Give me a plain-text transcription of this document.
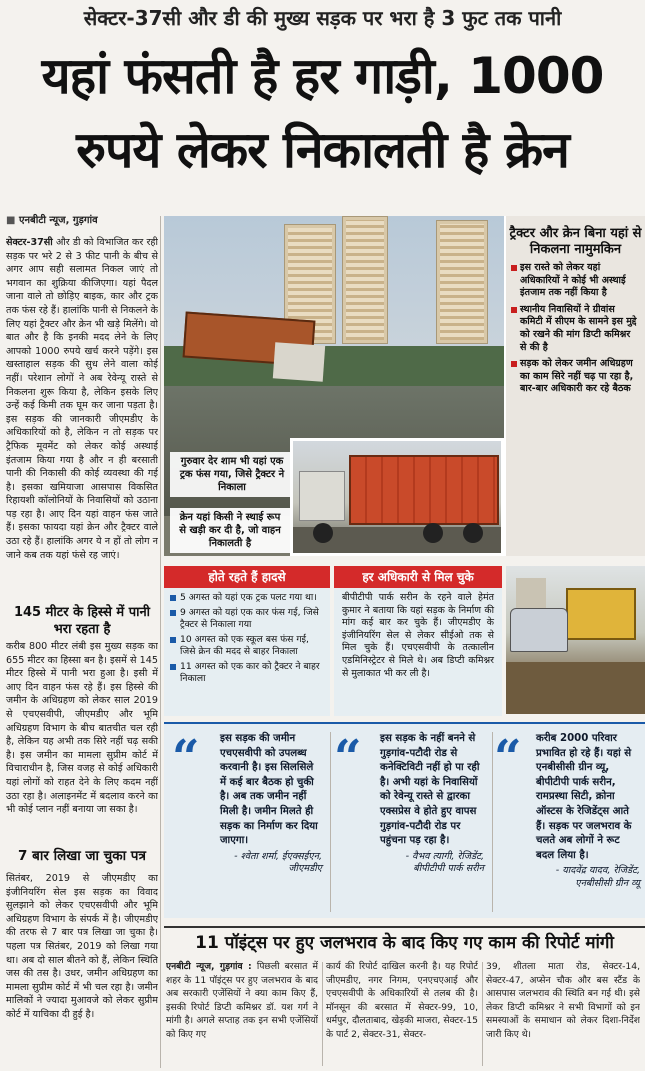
सेक्टर-37सी और डी की मुख्य सड़क पर भरा है 3 फुट तक पानी
यहां फंसती है हर गाड़ी, 1000
रुपये लेकर निकालती है क्रेन
■ एनबीटी न्यूज, गुड़गांव
सेक्टर-37सी और डी को विभाजित कर रही सड़क पर भरे 2 से 3 फीट पानी के बीच से अगर आप सही सलामत निकल जाएं तो भगवान का शुक्रिया कीजिएगा। यहां पैदल जाना वाले तो छोड़िए बाइक, कार और ट्रक तक फंस रहे हैं। हालांकि पानी से निकलने के लिए यहां ट्रैक्टर और क्रेन भी खड़े मिलेंगे। वो बात और है कि इनकी मदद लेने के लिए आपको 1000 रुपये खर्च करने पड़ेंगे। इस खस्ताहाल सड़क की सुध लेने वाला कोई नहीं। परेशान लोगों ने अब रेवेन्यू रास्ते से निकलना शुरू किया है, लेकिन इसके लिए उन्हें कई किमी तक घूम कर जाना पड़ता है। इस सड़क की जानकारी जीएमडीए के अधिकारियों को है, लेकिन न तो सड़क पर ट्रैफिक मूवमेंट को लेकर कोई अस्थाई इंतजाम किया गया है और न ही बरसाती पानी की निकासी की कोई व्यवस्था की गई है। इसका खमियाजा आसपास विकसित रिहायशी कॉलोनियों के निवासियों को उठाना पड़ रहा है। आए दिन यहां वाहन फंस जाते हैं। इसका फायदा यहां क्रेन और ट्रैक्टर वाले उठा रहे हैं। हालांकि अगर ये न हों तो लोग न जाने कब तक यहां फंसे रह जाएं।
145 मीटर के हिस्से में पानी भरा रहता है
करीब 800 मीटर लंबी इस मुख्य सड़क का 655 मीटर का हिस्सा बन है। इसमें से 145 मीटर हिस्से में पानी भरा हुआ है। इसी में आए दिन वाहन फंस रहे हैं। इस हिस्से की जमीन के अधिग्रहण को लेकर साल 2019 से एचएसवीपी, जीएमडीए और भूमि अधिग्रहण विभाग के बीच बातचीत चल रही है, लेकिन यह अभी तक सिरे नहीं चढ़ सकी है। इस जमीन का मामला सुप्रीम कोर्ट में विचाराधीन है, जिस वजह से कोई अधिकारी यहां लोगों को राहत देने के लिए कदम नहीं उठा रहा है। अलाइनमेंट में बदलाव करने का भी कोई प्लान नहीं बनाया जा सका है।
7 बार लिखा जा चुका पत्र
सितंबर, 2019 से जीएमडीए का इंजीनियरिंग सेल इस सड़क का विवाद सुलझाने को लेकर एचएसवीपी और भूमि अधिग्रहण विभाग के संपर्क में है। जीएमडीए की तरफ से 7 बार पत्र लिखा जा चुका है। पहला पत्र सितंबर, 2019 को लिखा गया था। अब दो साल बीतने को हैं, लेकिन स्थिति जस की तस है। उधर, जमीन अधिग्रहण का मामला सुप्रीम कोर्ट में भी चल रहा है। जमीन मालिकों ने ज्यादा मुआवजे को लेकर सुप्रीम कोर्ट में याचिका दी हुई है।
गुरुवार देर शाम भी यहां एक ट्रक फंस गया, जिसे ट्रैक्टर ने निकाला
क्रेन यहां किसी ने स्थाई रूप से खड़ी कर दी है, जो वाहन निकालती है
ट्रैक्टर और क्रेन बिना यहां से निकलना नामुमकिन
इस रास्ते को लेकर यहां अधिकारियों ने कोई भी अस्थाई इंतजाम तक नहीं किया है
स्थानीय निवासियों ने ग्रीवांस कमिटी में सीएम के सामने इस मुद्दे को रखने की मांग डिप्टी कमिश्नर से की है
सड़क को लेकर जमीन अधिग्रहण का काम सिरे नहीं चढ़ पा रहा है, बार-बार अधिकारी कर रहे बैठक
होते रहते हैं हादसे
5 अगस्त को यहां एक ट्रक पलट गया था।
9 अगस्त को यहां एक कार फंस गई, जिसे ट्रैक्टर से निकाला गया
10 अगस्त को एक स्कूल बस फंस गई, जिसे क्रेन की मदद से बाहर निकाला
11 अगस्त को एक कार को ट्रैक्टर ने बाहर निकाला
हर अधिकारी से मिल चुके

बीपीटीपी पार्क सरीन के रहने वाले हेमंत कुमार ने बताया कि यहां सड़क के निर्माण की मांग कई बार कर चुके हैं। जीएमडीए के इंजीनियरिंग सेल से लेकर सीईओ तक से मिल चुके हैं। एचएसवीपी के तत्कालीन एडमिनिस्ट्रेटर से मिले थे। अब डिप्टी कमिश्नर से मुलाकात भी कर ली है।

“ इस सड़क की जमीन एचएसवीपी को उपलब्ध करवानी है। इस सिलसिले में कई बार बैठक हो चुकी है। अब तक जमीन नहीं मिली है। जमीन मिलते ही सड़क का निर्माण कर दिया जाएगा।
- श्वेता शर्मा, ईएक्सईएन, जीएमडीए
“ इस सड़क के नहीं बनने से गुड़गांव-पटौदी रोड से कनेक्टिविटी नहीं हो पा रही है। अभी यहां के निवासियों को रेवेन्यू रास्ते से द्वारका एक्सप्रेस वे होते हुए वापस गुड़गांव-पटौदी रोड पर पहुंचना पड़ रहा है।
- वैभव त्यागी, रेजिडेंट, बीपीटीपी पार्क सरीन
“ करीब 2000 परिवार प्रभावित हो रहे हैं। यहां से एनबीसीसी ग्रीन व्यू, बीपीटीपी पार्क सरीन, रामप्रस्था सिटी, क्रोना ऑस्टस के रेजिडेंट्स आते हैं। सड़क पर जलभराव के चलते अब लोगों ने रूट बदल लिया है।
- यादवेंद्र यादव, रेजिडेंट, एनबीसीसी ग्रीन व्यू
11 पॉइंट्स पर हुए जलभराव के बाद किए गए काम की रिपोर्ट मांगी
एनबीटी न्यूज, गुड़गांव : पिछली बरसात में शहर के 11 पॉइंट्स पर हुए जलभराव के बाद अब सरकारी एजेंसियों ने क्या काम किए हैं, इसकी रिपोर्ट डिप्टी कमिश्नर डॉ. यश गर्ग ने मांगी है। अगले सप्ताह तक इन सभी एजेंसियों को किए गए
कार्य की रिपोर्ट दाखिल करनी है। यह रिपोर्ट जीएमडीए, नगर निगम, एनएचएआई और एचएसवीपी के अधिकारियों से तलब की है। मॉनसून की बरसात में सेक्टर-99, 10, धर्मपुर, दौलताबाद, खेड़की माजरा, सेक्टर-15 के पार्ट 2, सेक्टर-31, सेक्टर-
39, शीतला माता रोड, सेक्टर-14, सेक्टर-47, अप्सेन चौक और बस स्टैंड के आसपास जलभराव की स्थिति बन गई थी। इसे लेकर डिप्टी कमिश्नर ने सभी विभागों को इन समस्याओं के समाधान को लेकर दिशा-निर्देश जारी किए थे।
